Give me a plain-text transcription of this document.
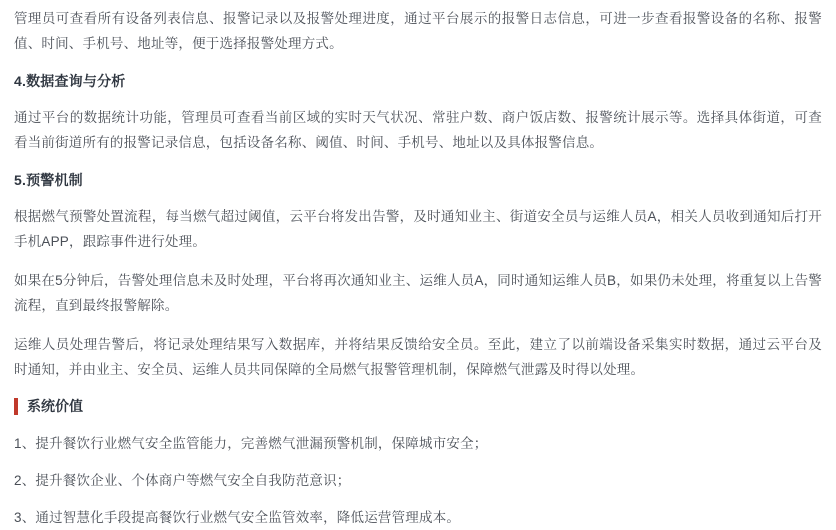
管理员可查看所有设备列表信息、报警记录以及报警处理进度，通过平台展示的报警日志信息，可进一步查看报警设备的名称、报警值、时间、手机号、地址等，便于选择报警处理方式。

4.数据查询与分析

通过平台的数据统计功能，管理员可查看当前区域的实时天气状况、常驻户数、商户饭店数、报警统计展示等。选择具体街道，可查看当前街道所有的报警记录信息，包括设备名称、阈值、时间、手机号、地址以及具体报警信息。

5.预警机制

根据燃气预警处置流程，每当燃气超过阈值，云平台将发出告警，及时通知业主、街道安全员与运维人员A，相关人员收到通知后打开手机APP，跟踪事件进行处理。

如果在5分钟后，告警处理信息未及时处理，平台将再次通知业主、运维人员A，同时通知运维人员B，如果仍未处理，将重复以上告警流程，直到最终报警解除。

运维人员处理告警后，将记录处理结果写入数据库，并将结果反馈给安全员。至此，建立了以前端设备采集实时数据，通过云平台及时通知，并由业主、安全员、运维人员共同保障的全局燃气报警管理机制，保障燃气泄露及时得以处理。

系统价值
1、提升餐饮行业燃气安全监管能力，完善燃气泄漏预警机制，保障城市安全；
2、提升餐饮企业、个体商户等燃气安全自我防范意识；
3、通过智慧化手段提高餐饮行业燃气安全监管效率，降低运营管理成本。
